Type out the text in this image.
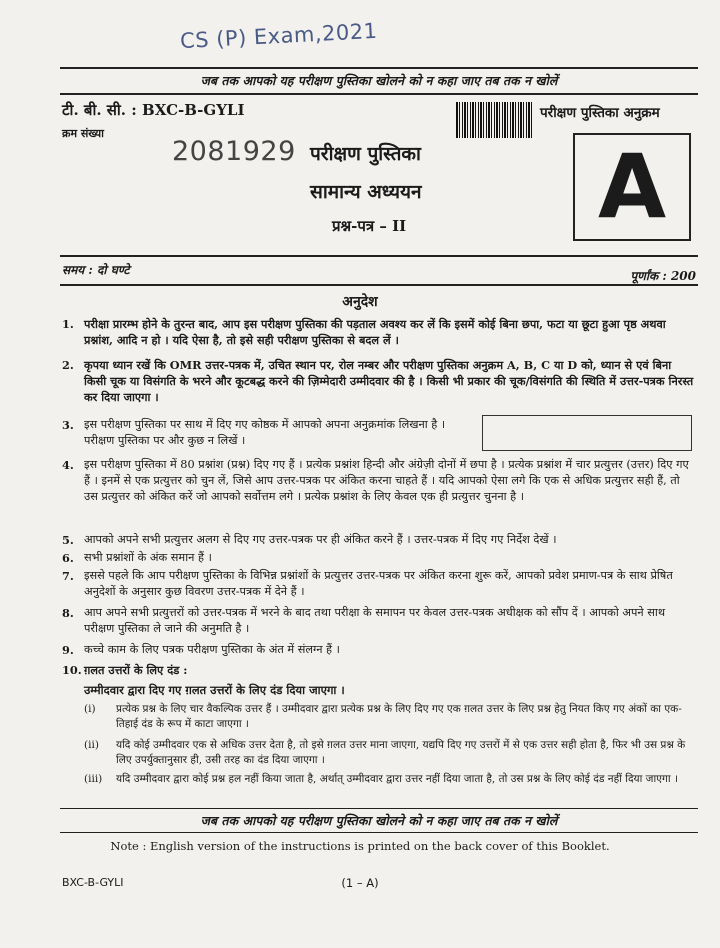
CS (P) Exam,2021
जब तक आपको यह परीक्षण पुस्तिका खोलने को न कहा जाए तब तक न खोलें
टी. बी. सी. : BXC-B-GYLI	परीक्षण पुस्तिका अनुक्रम
क्रम संख्या
2081929 परीक्षण पुस्तिका
सामान्य अध्ययन
प्रश्न-पत्र – II A
समय : दो घण्टे	पूर्णांक : 200
अनुदेश
1. परीक्षा प्रारम्भ होने के तुरन्त बाद, आप इस परीक्षण पुस्तिका की पड़ताल अवश्य कर लें कि इसमें कोई बिना छपा, फटा या छूटा हुआ पृष्ठ अथवा प्रश्नांश, आदि न हो । यदि ऐसा है, तो इसे सही परीक्षण पुस्तिका से बदल लें ।
2. कृपया ध्यान रखें कि OMR उत्तर-पत्रक में, उचित स्थान पर, रोल नम्बर और परीक्षण पुस्तिका अनुक्रम A, B, C या D को, ध्यान से एवं बिना किसी चूक या विसंगति के भरने और कूटबद्ध करने की ज़िम्मेदारी उम्मीदवार की है । किसी भी प्रकार की चूक/विसंगति की स्थिति में उत्तर-पत्रक निरस्त कर दिया जाएगा ।
3. इस परीक्षण पुस्तिका पर साथ में दिए गए कोष्ठक में आपको अपना अनुक्रमांक लिखना है । परीक्षण पुस्तिका पर और कुछ न लिखें ।
4. इस परीक्षण पुस्तिका में 80 प्रश्नांश (प्रश्न) दिए गए हैं । प्रत्येक प्रश्नांश हिन्दी और अंग्रेज़ी दोनों में छपा है । प्रत्येक प्रश्नांश में चार प्रत्युत्तर (उत्तर) दिए गए हैं । इनमें से एक प्रत्युत्तर को चुन लें, जिसे आप उत्तर-पत्रक पर अंकित करना चाहते हैं । यदि आपको ऐसा लगे कि एक से अधिक प्रत्युत्तर सही हैं, तो उस प्रत्युत्तर को अंकित करें जो आपको सर्वोत्तम लगे । प्रत्येक प्रश्नांश के लिए केवल एक ही प्रत्युत्तर चुनना है ।
5. आपको अपने सभी प्रत्युत्तर अलग से दिए गए उत्तर-पत्रक पर ही अंकित करने हैं । उत्तर-पत्रक में दिए गए निर्देश देखें ।
6. सभी प्रश्नांशों के अंक समान हैं ।
7. इससे पहले कि आप परीक्षण पुस्तिका के विभिन्न प्रश्नांशों के प्रत्युत्तर उत्तर-पत्रक पर अंकित करना शुरू करें, आपको प्रवेश प्रमाण-पत्र के साथ प्रेषित अनुदेशों के अनुसार कुछ विवरण उत्तर-पत्रक में देने हैं ।
8. आप अपने सभी प्रत्युत्तरों को उत्तर-पत्रक में भरने के बाद तथा परीक्षा के समापन पर केवल उत्तर-पत्रक अधीक्षक को सौंप दें । आपको अपने साथ परीक्षण पुस्तिका ले जाने की अनुमति है ।
9. कच्चे काम के लिए पत्रक परीक्षण पुस्तिका के अंत में संलग्न हैं ।
10. ग़लत उत्तरों के लिए दंड :
उम्मीदवार द्वारा दिए गए ग़लत उत्तरों के लिए दंड दिया जाएगा ।
(i) प्रत्येक प्रश्न के लिए चार वैकल्पिक उत्तर हैं । उम्मीदवार द्वारा प्रत्येक प्रश्न के लिए दिए गए एक ग़लत उत्तर के लिए प्रश्न हेतु नियत किए गए अंकों का एक-तिहाई दंड के रूप में काटा जाएगा ।
(ii) यदि कोई उम्मीदवार एक से अधिक उत्तर देता है, तो इसे ग़लत उत्तर माना जाएगा, यद्यपि दिए गए उत्तरों में से एक उत्तर सही होता है, फिर भी उस प्रश्न के लिए उपर्युक्तानुसार ही, उसी तरह का दंड दिया जाएगा ।
(iii) यदि उम्मीदवार द्वारा कोई प्रश्न हल नहीं किया जाता है, अर्थात् उम्मीदवार द्वारा उत्तर नहीं दिया जाता है, तो उस प्रश्न के लिए कोई दंड नहीं दिया जाएगा ।
जब तक आपको यह परीक्षण पुस्तिका खोलने को न कहा जाए तब तक न खोलें
Note : English version of the instructions is printed on the back cover of this Booklet.
BXC-B-GYLI	(1 – A)
